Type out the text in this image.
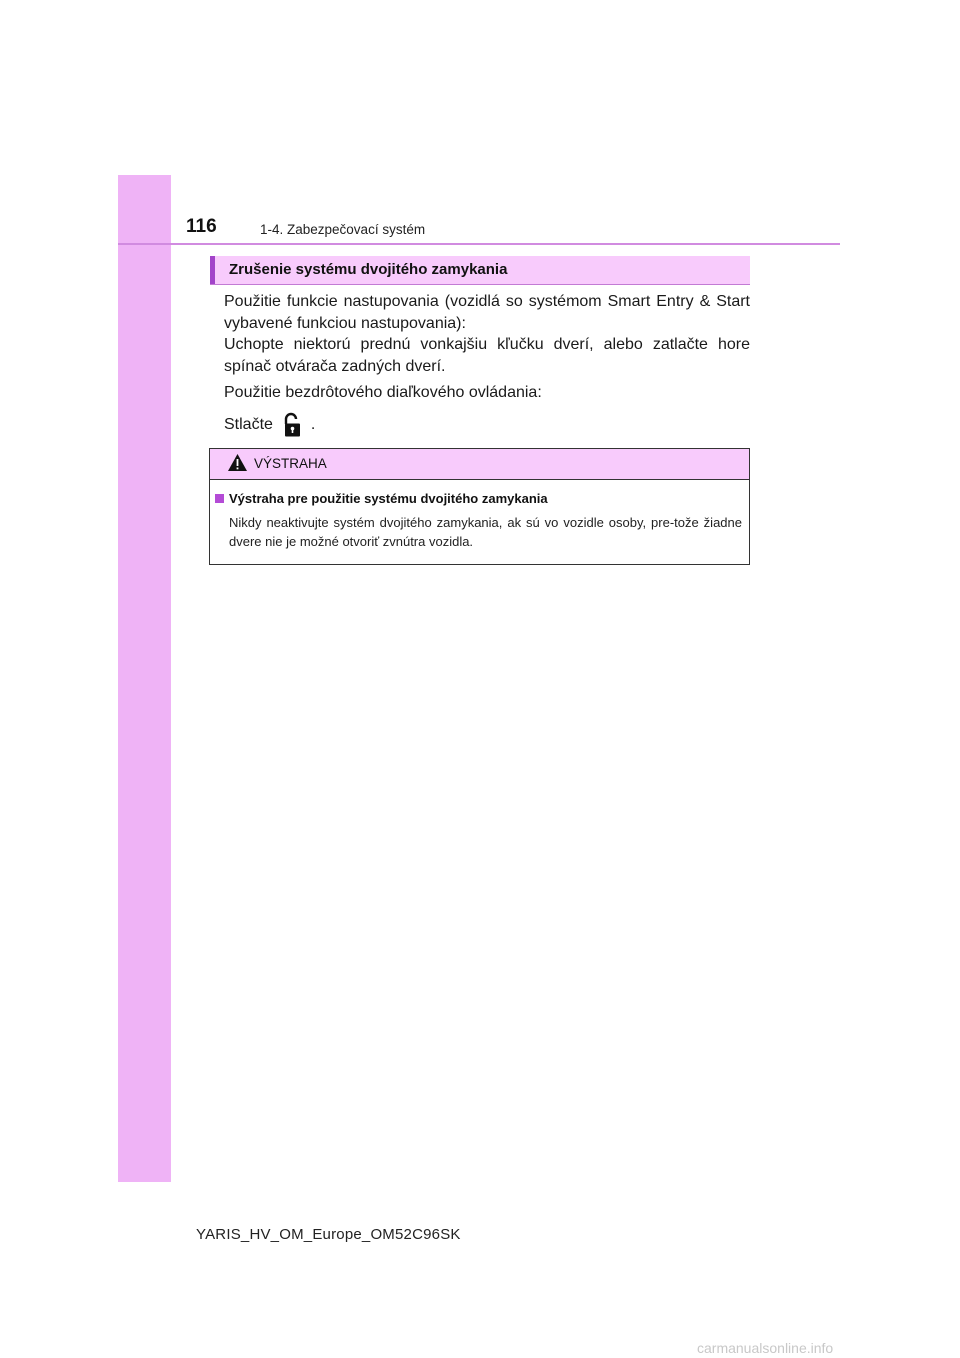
116	1-4. Zabezpečovací systém
Zrušenie systému dvojitého zamykania
Použitie funkcie nastupovania (vozidlá so systémom Smart Entry & Start vybavené funkciou nastupovania):
Uchopte niektorú prednú vonkajšiu kľučku dverí, alebo zatlačte hore spínač otvárača zadných dverí.
Použitie bezdrôtového diaľkového ovládania:
Stlačte .
VÝSTRAHA
Výstraha pre použitie systému dvojitého zamykania
Nikdy neaktivujte systém dvojitého zamykania, ak sú vo vozidle osoby, pre-tože žiadne dvere nie je možné otvoriť zvnútra vozidla.
YARIS_HV_OM_Europe_OM52C96SK
carmanualsonline.info
